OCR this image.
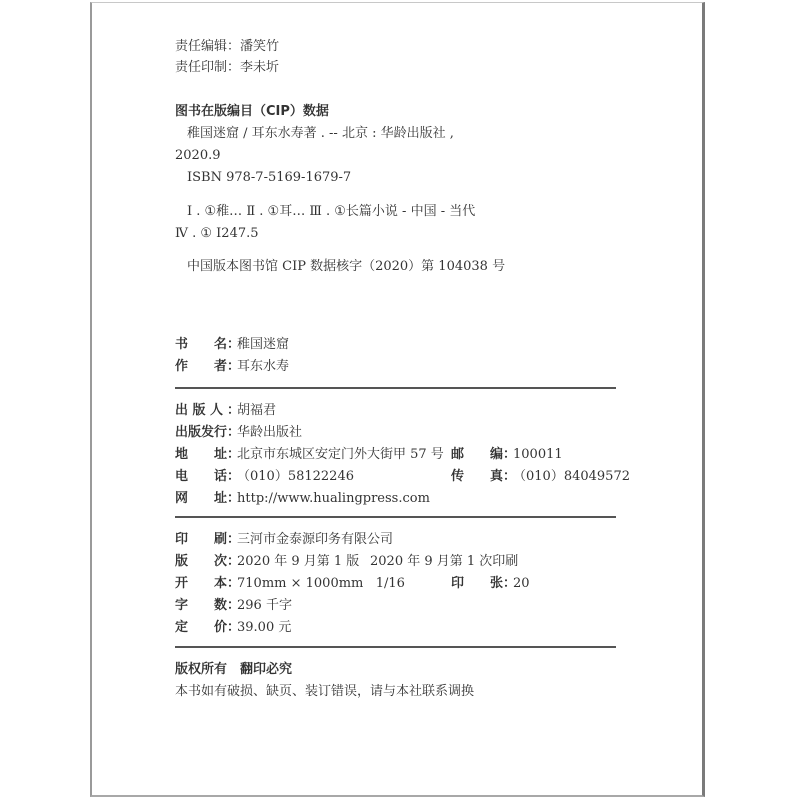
责任编辑：潘笑竹
责任印制：李未圻
图书在版编目（CIP）数据
稚国迷窟 / 耳东水寿著 . -- 北京 : 华龄出版社 ,
2020.9
ISBN 978-7-5169-1679-7
Ⅰ . ①稚… Ⅱ . ①耳… Ⅲ . ①长篇小说 - 中国 - 当代
Ⅳ . ① I247.5
中国版本图书馆 CIP 数据核字（2020）第 104038 号
书 名 ：
稚国迷窟
作 者 ：
耳东水寿
出 版 人 ：
胡福君
出版发行 ：
华龄出版社
地 址 ：
北京市东城区安定门外大街甲 57 号 邮 编 ：
100011
电 话 ：
（010）58122246	传 真 ：
（010）84049572
网 址 ：
http://www.hualingpress.com
印 刷 ：
三河市金泰源印务有限公司
版 次 ：
2020 年 9 月第 1 版 2020 年 9 月第 1 次印刷
开 本 ：
710mm × 1000mm   1/16	印 张 ：
20
字 数 ：
296 千字
定 价 ：
39.00 元
版权所有　翻印必究
本书如有破损、缺页、装订错误，请与本社联系调换
